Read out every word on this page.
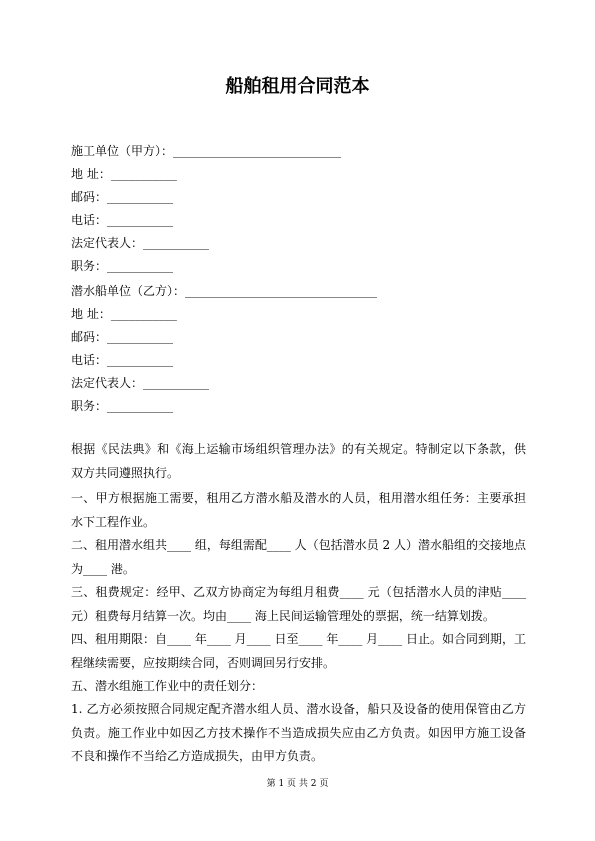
船舶租用合同范本
施工单位（甲方）：____________________________
地 址：___________
邮码：___________
电话：___________
法定代表人：___________
职务：___________
潜水船单位（乙方）：________________________________
地 址：___________
邮码：___________
电话：___________
法定代表人：___________
职务：___________
根据《民法典》和《海上运输市场组织管理办法》的有关规定。特制定以下条款，供双方共同遵照执行。
一、甲方根据施工需要，租用乙方潜水船及潜水的人员，租用潜水组任务：主要承担水下工程作业。
二、租用潜水组共____ 组，每组需配____ 人（包括潜水员 2 人）潜水船组的交接地点为____ 港。
三、租费规定：经甲、乙双方协商定为每组月租费____ 元（包括潜水人员的津贴____ 元）租费每月结算一次。均由____ 海上民间运输管理处的票据，统一结算划拨。
四、租用期限：自____ 年____ 月____ 日至____ 年____ 月____ 日止。如合同到期，工程继续需要，应按期续合同，否则调回另行安排。
五、潜水组施工作业中的责任划分：
1. 乙方必须按照合同规定配齐潜水组人员、潜水设备，船只及设备的使用保管由乙方负责。施工作业中如因乙方技术操作不当造成损失应由乙方负责。如因甲方施工设备不良和操作不当给乙方造成损失，由甲方负责。
第 1 页 共 2 页
